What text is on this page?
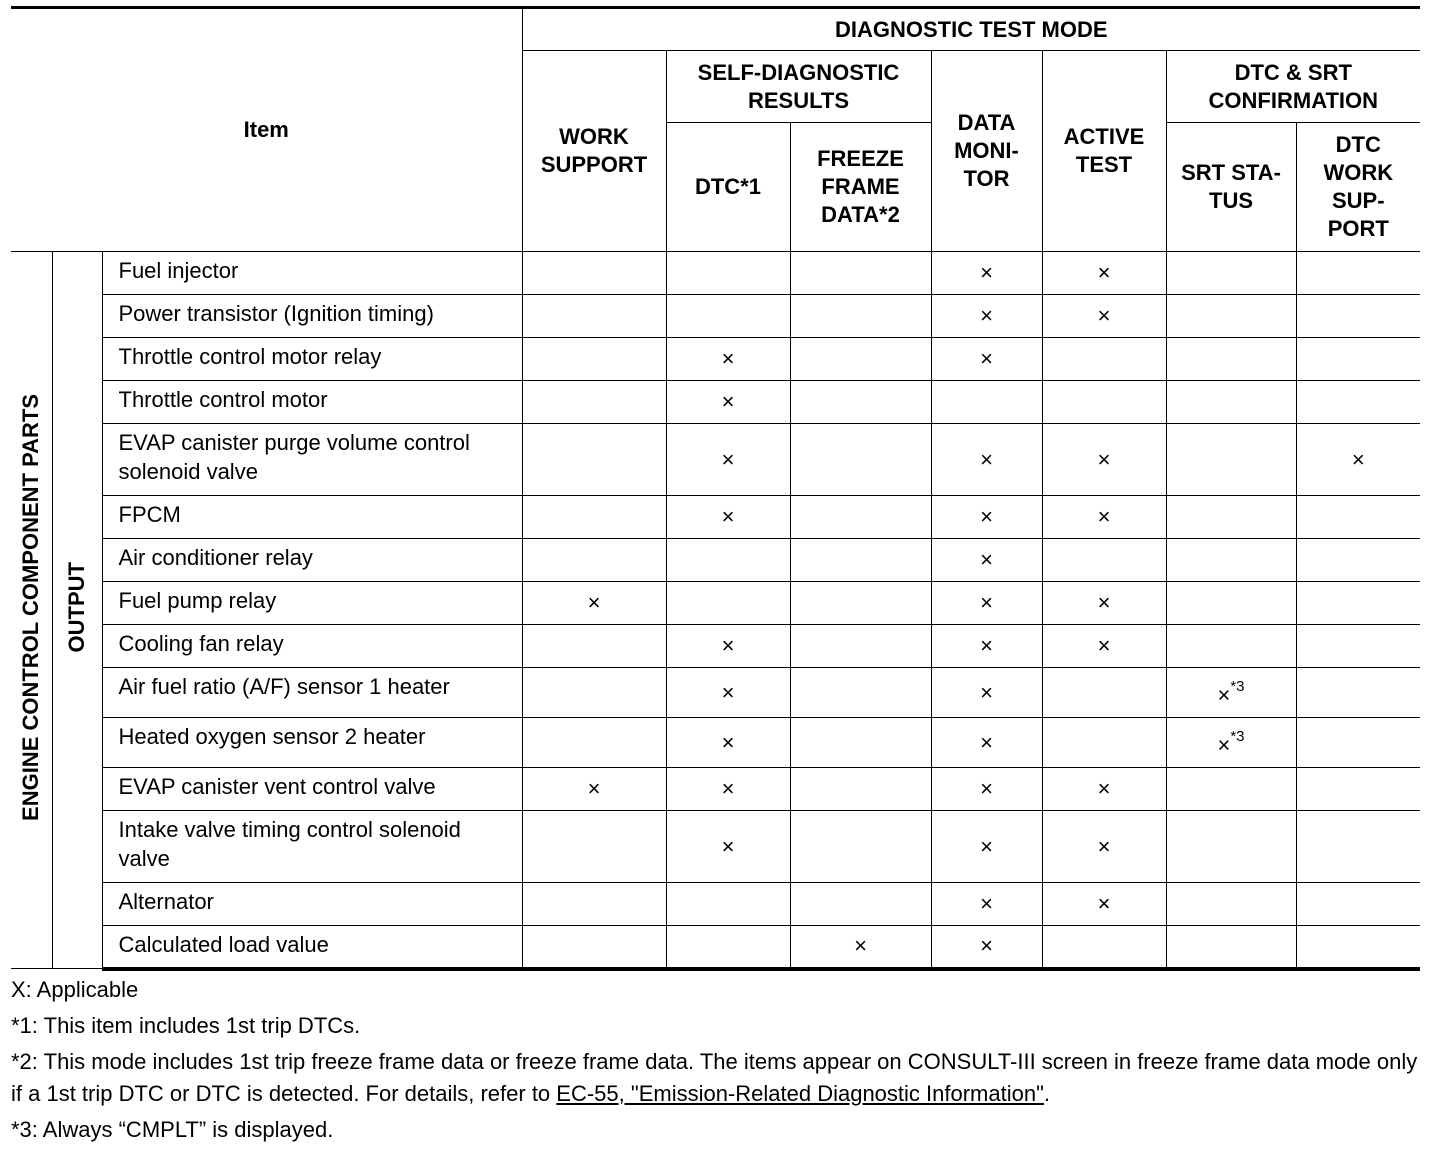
Item			DIAGNOSTIC TEST MODE						

			WORK SUPPORT	SELF-DIAGNOSTIC RESULTS		DATA MONI-TOR	ACTIVE TEST	DTC & SRT CONFIRMATION	

				DTC*1	FREEZE FRAME DATA*2			SRT STA-TUS	DTC WORK SUP-PORT

ENGINE CONTROL COMPONENT PARTS	OUTPUT	Fuel injector				×	×		
		Power transistor (Ignition timing)				×	×		
		Throttle control motor relay		×		×			
		Throttle control motor		×					
		EVAP canister purge volume control solenoid valve		×		×	×		×
		FPCM		×		×	×		
		Air conditioner relay				×			
		Fuel pump relay	×			×	×		
		Cooling fan relay		×		×	×		
		Air fuel ratio (A/F) sensor 1 heater		×		×		×$^{*3}$	
		Heated oxygen sensor 2 heater		×		×		×$^{*3}$	
		EVAP canister vent control valve	×	×		×	×		
		Intake valve timing control solenoid valve		×		×	×		
		Alternator				×	×		
		Calculated load value			×	×			

X: Applicable

*1: This item includes 1st trip DTCs.

*2: This mode includes 1st trip freeze frame data or freeze frame data. The items appear on CONSULT-III screen in freeze frame data mode only if a 1st trip DTC or DTC is detected. For details, refer to EC-55, "Emission-Related Diagnostic Information".

*3: Always “CMPLT” is displayed.
